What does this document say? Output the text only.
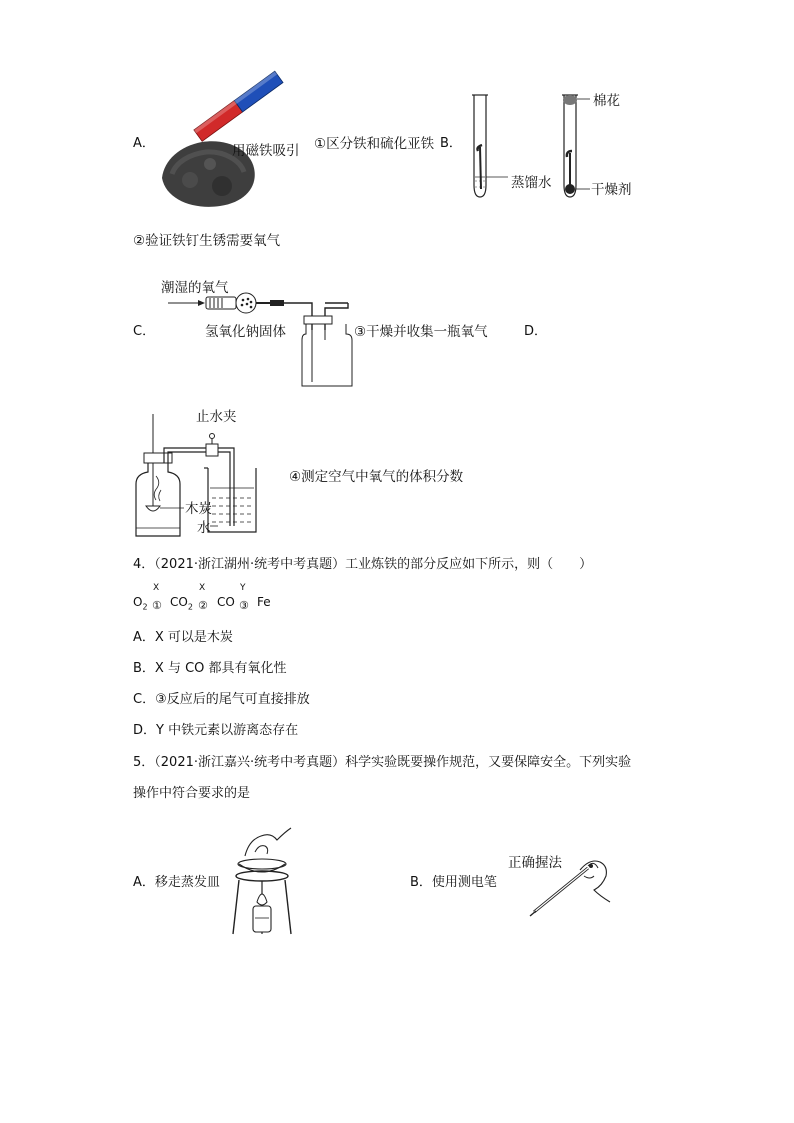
A．	用磁铁吸引 ①区分铁和硫化亚铁 B．
棉花
蒸馏水	干燥剂
②验证铁钉生锈需要氧气
潮湿的氧气
C．	氢氧化钠固体	③干燥并收集一瓶氧气	D．
止水夹
木炭
水
④测定空气中氧气的体积分数
4．（2021·浙江湖州·统考中考真题）工业炼铁的部分反应如下所示，则（　　）
$O_2$
X
① $CO_2$
X
② CO
Y
③ Fe
A．X 可以是木炭
B．X 与 CO 都具有氧化性
C．③反应后的尾气可直接排放
D．Y 中铁元素以游离态存在
5．（2021·浙江嘉兴·统考中考真题）科学实验既要操作规范，又要保障安全。下列实验
操作中符合要求的是
A．移走蒸发皿	B．使用测电笔
正确握法
